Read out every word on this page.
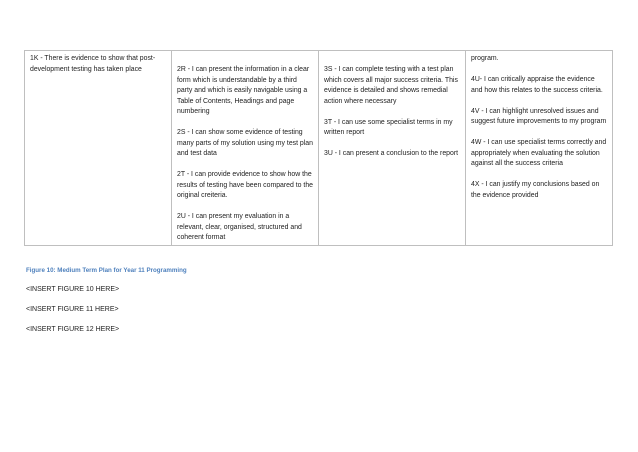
1K - There is evidence to show that post-development testing has taken place	2R - I can present the information in a clear form which is understandable by a third party and which is easily navigable using a Table of Contents, Headings and page numbering

2S - I can show some evidence of testing many parts of my solution using my test plan and test data

2T - I can provide evidence to show how the results of testing have been compared to the original creiteria.

2U - I can present my evaluation in a relevant, clear, organised, structured and coherent format

3S - I can complete testing with a test plan which covers all major success criteria. This evidence is detailed and shows remedial action where necessary

3T - I can use some specialist terms in my written report

3U - I can present a conclusion to the report

program.

4U- I can critically appraise the evidence and how this relates to the success criteria.

4V - I can highlight unresolved issues and suggest future improvements to my program

4W - I can use specialist terms correctly and appropriately when evaluating the solution against all the success criteria

4X - I can justify my conclusions based on the evidence provided

Figure 10: Medium Term Plan for Year 11 Programming
<INSERT FIGURE 10 HERE>
<INSERT FIGURE 11 HERE>
<INSERT FIGURE 12 HERE>
